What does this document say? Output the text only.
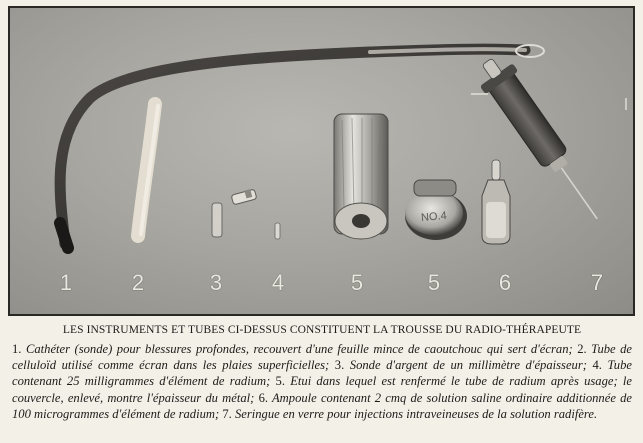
NO.4
1	2	3 4	5	5	6	7
LES INSTRUMENTS ET TUBES CI-DESSUS CONSTITUENT LA TROUSSE DU RADIO-THÉRAPEUTE
1. Cathéter (sonde) pour blessures profondes, recouvert d'une feuille mince de caoutchouc qui sert d'écran; 2. Tube de celluloïd utilisé comme écran dans les plaies superficielles; 3. Sonde d'argent de un millimètre d'épaisseur; 4. Tube contenant 25 milligrammes d'élément de radium; 5. Etui dans lequel est renfermé le tube de radium après usage; le couvercle, enlevé, montre l'épaisseur du métal; 6. Ampoule contenant 2 cmq de solution saline ordinaire additionnée de 100 microgrammes d'élément de radium; 7. Seringue en verre pour injections intraveineuses de la solution radifère.
